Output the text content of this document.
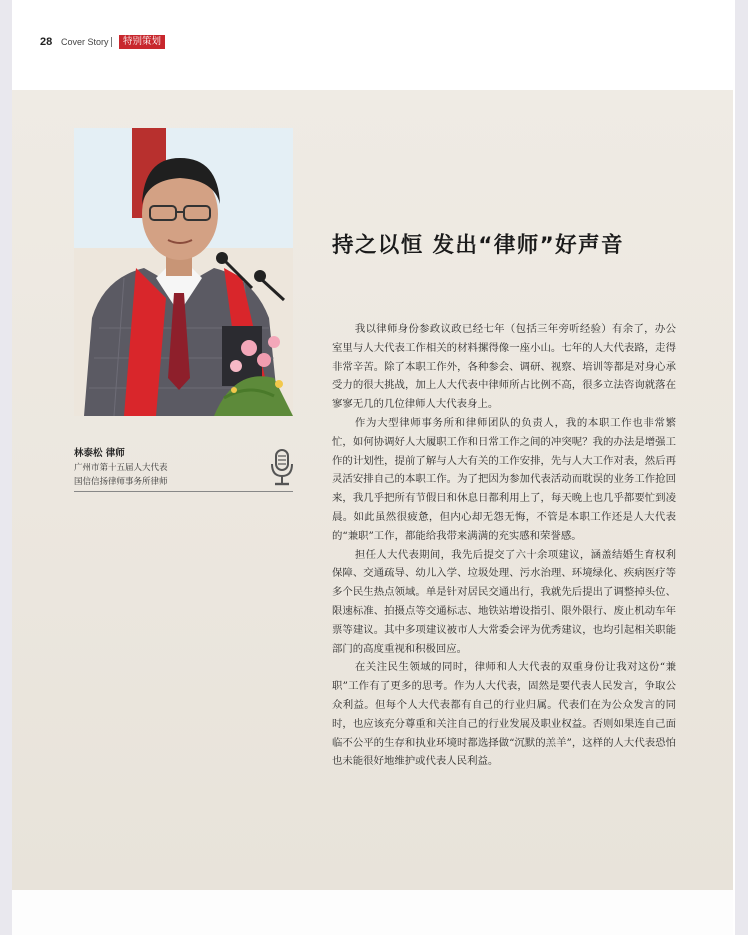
28 Cover Story	特别策划
林泰松 律师
广州市第十五届人大代表
国信信扬律师事务所律师
持之以恒 发出“律师”好声音

我以律师身份参政议政已经七年（包括三年旁听经验）有余了，办公室里与人大代表工作相关的材料摞得像一座小山。七年的人大代表路，走得非常辛苦。除了本职工作外，各种参会、调研、视察、培训等都是对身心承受力的很大挑战，加上人大代表中律师所占比例不高，很多立法咨询就落在寥寥无几的几位律师人大代表身上。

作为大型律师事务所和律师团队的负责人，我的本职工作也非常繁忙，如何协调好人大履职工作和日常工作之间的冲突呢？我的办法是增强工作的计划性，提前了解与人大有关的工作安排，先与人大工作对表，然后再灵活安排自己的本职工作。为了把因为参加代表活动而耽误的业务工作抢回来，我几乎把所有节假日和休息日都利用上了，每天晚上也几乎都要忙到凌晨。如此虽然很疲惫，但内心却无怨无悔，不管是本职工作还是人大代表的“兼职”工作，都能给我带来满满的充实感和荣誉感。

担任人大代表期间，我先后提交了六十余项建议，涵盖结婚生育权利保障、交通疏导、幼儿入学、垃圾处理、污水治理、环境绿化、疾病医疗等多个民生热点领域。单是针对居民交通出行，我就先后提出了调整掉头位、限速标准、拍摄点等交通标志、地铁站增设指引、限外限行、废止机动车年票等建议。其中多项建议被市人大常委会评为优秀建议，也均引起相关职能部门的高度重视和积极回应。

在关注民生领域的同时，律师和人大代表的双重身份让我对这份“兼职”工作有了更多的思考。作为人大代表，固然是要代表人民发言，争取公众利益。但每个人大代表都有自己的行业归属。代表们在为公众发言的同时，也应该充分尊重和关注自己的行业发展及职业权益。否则如果连自己面临不公平的生存和执业环境时都选择做“沉默的羔羊”，这样的人大代表恐怕也未能很好地维护或代表人民利益。
